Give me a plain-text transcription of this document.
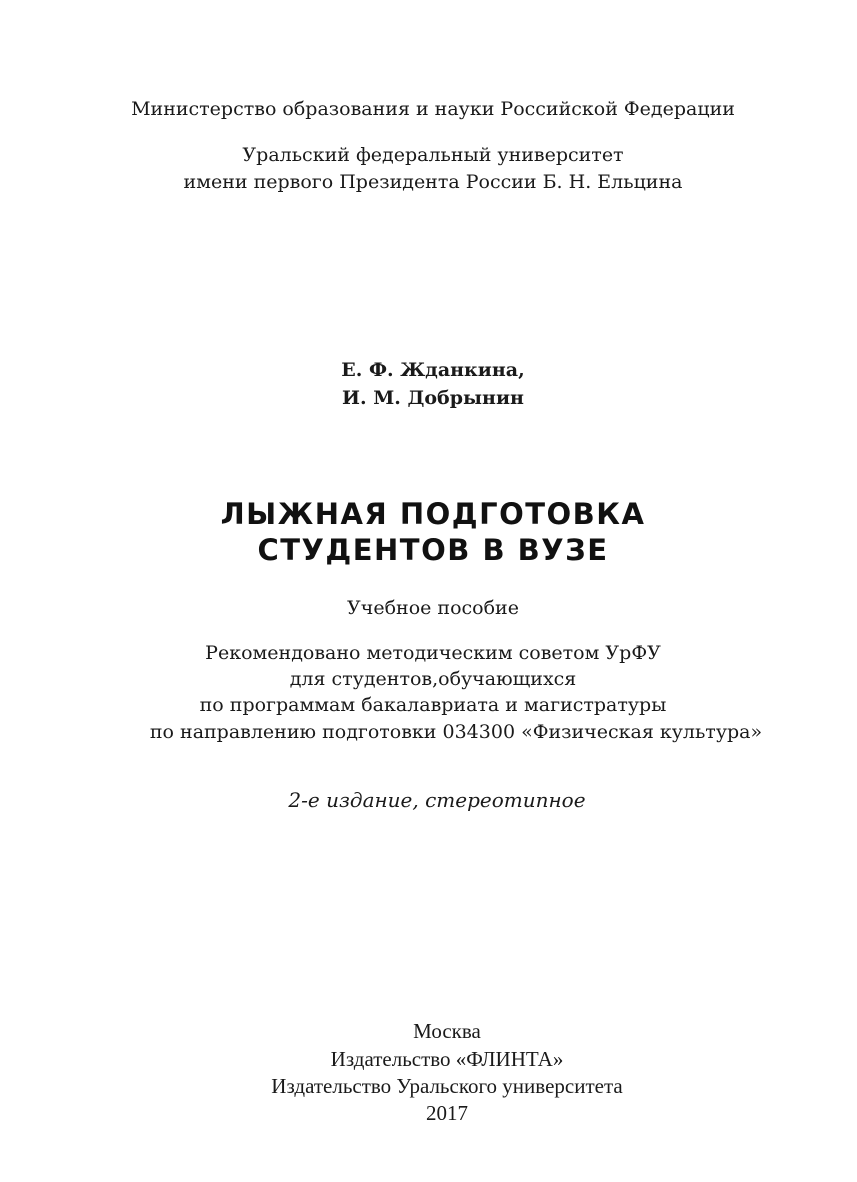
Министерство образования и науки Российской Федерации
Уральский федеральный университет
имени первого Президента России Б. Н. Ельцина
Е. Ф. Жданкина,
И. М. Добрынин
ЛЫЖНАЯ ПОДГОТОВКА
СТУДЕНТОВ В ВУЗЕ
Учебное пособие
Рекомендовано методическим советом УрФУ
для студентов,обучающихся
по программам бакалавриата и магистратуры
по направлению подготовки 034300 «Физическая культура»
2-е издание, стереотипное
Москва
Издательство «ФЛИНТА»
Издательство Уральского университета
2017
